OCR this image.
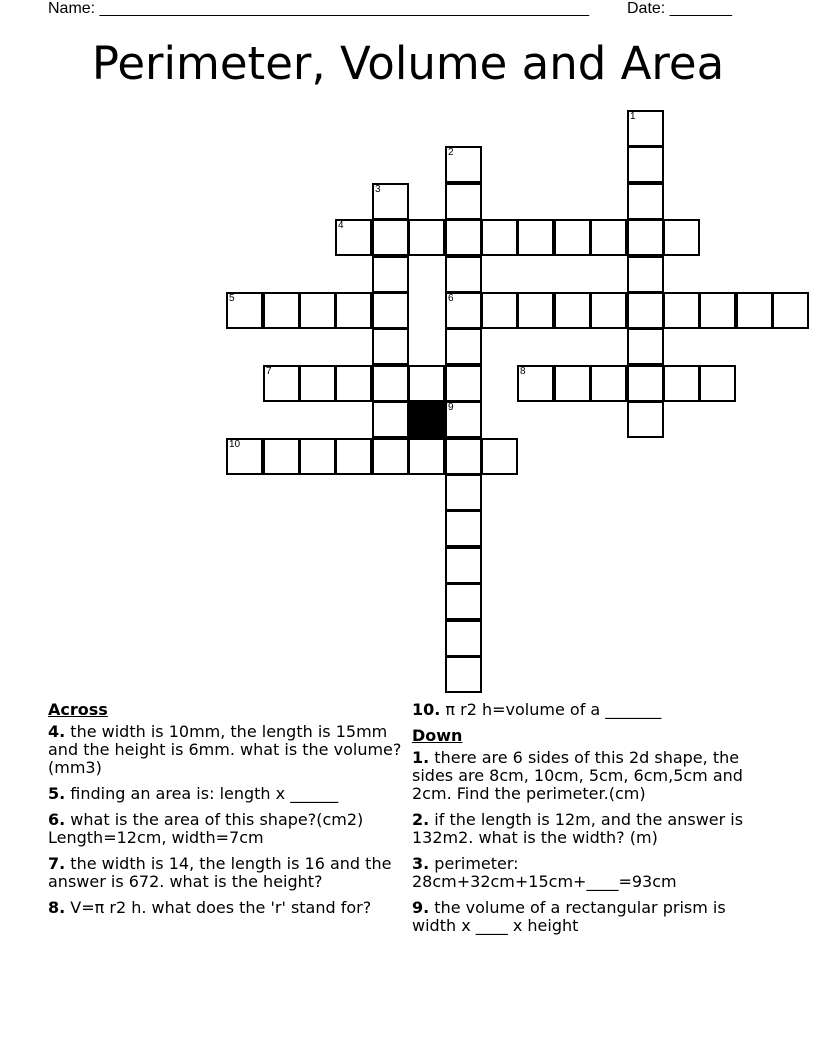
Name: _______________________________________________________ Date: _______
Perimeter, Volume and Area
1
2
6
9
3
4
5
7	8
10
Across
4. the width is 10mm, the length is 15mm and the height is 6mm. what is the volume? (mm3)
5. finding an area is: length x ______
6. what is the area of this shape?(cm2) Length=12cm, width=7cm
7. the width is 14, the length is 16 and the answer is 672. what is the height?
8. V=π r2 h. what does the 'r' stand for?
10. π r2 h=volume of a _______
Down
1. there are 6 sides of this 2d shape, the sides are 8cm, 10cm, 5cm, 6cm,5cm and 2cm. Find the perimeter.(cm)
2. if the length is 12m, and the answer is 132m2. what is the width? (m)
3. perimeter: 28cm+32cm+15cm+____=93cm
9. the volume of a rectangular prism is width x ____ x height
